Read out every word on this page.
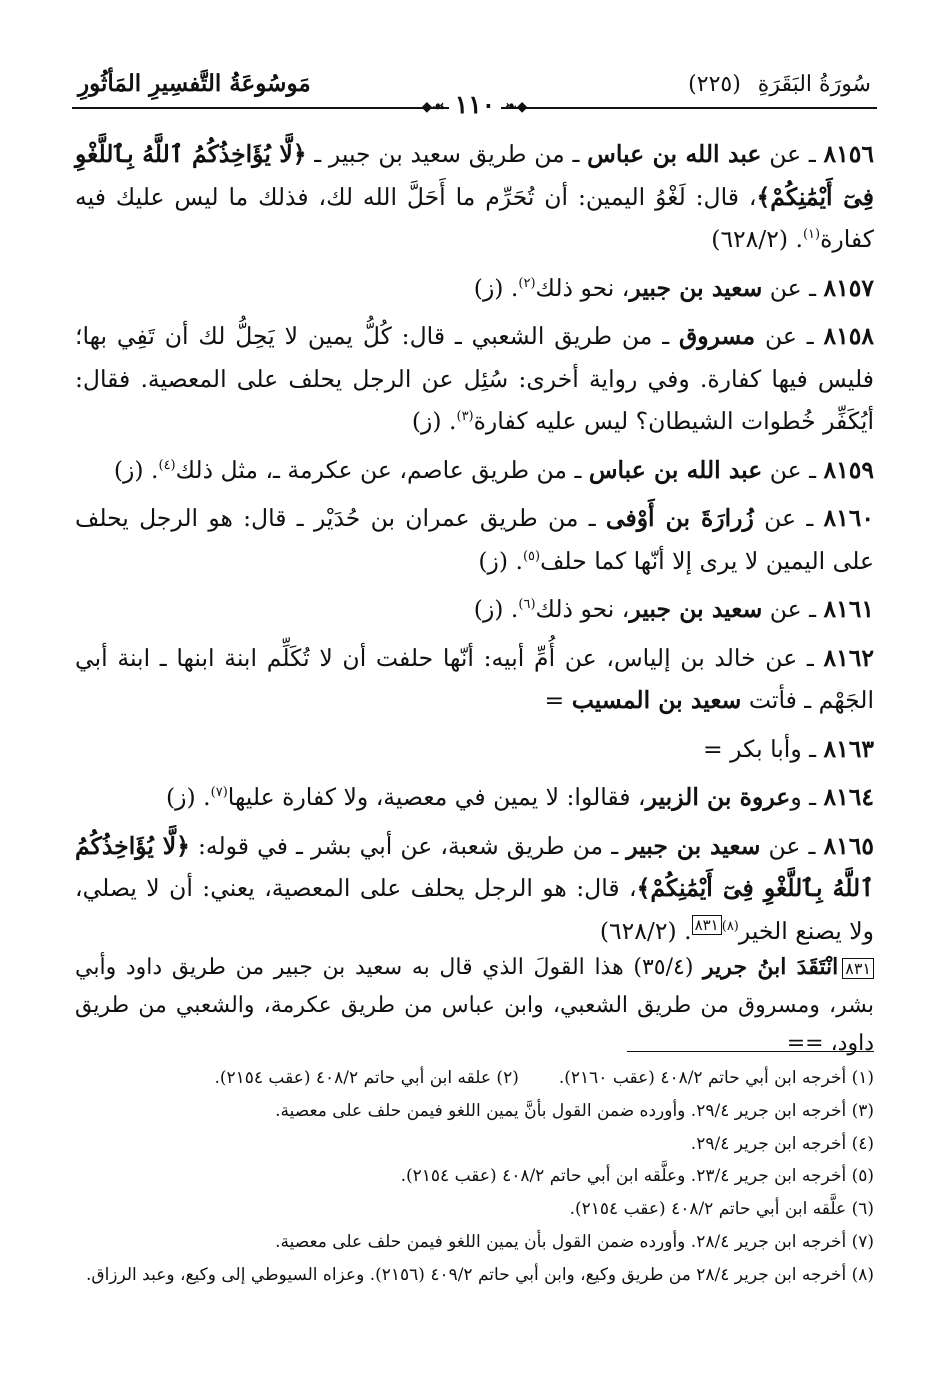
سُورَةُ البَقَرَةِ (٢٢٥)
مَوسُوعَةُ التَّفسِيرِ المَأثُورِ
◆❧١١٠☙◆

٨١٥٦ ـ عن عبد الله بن عباس ـ من طريق سعيد بن جبير ـ ﴿لَّا يُؤَاخِذُكُمُ ٱللَّهُ بِٱللَّغْوِ فِىٓ أَيْمَٰنِكُمْ﴾، قال: لَغْوُ اليمين: أن تُحَرِّم ما أَحَلَّ الله لك، فذلك ما ليس عليك فيه كفارة$^{(١)}$. (٦٢٨/٢)

٨١٥٧ ـ عن سعيد بن جبير، نحو ذلك$^{(٢)}$. (ز)

٨١٥٨ ـ عن مسروق ـ من طريق الشعبي ـ قال: كُلُّ يمين لا يَحِلُّ لك أن تَفِي بها؛ فليس فيها كفارة. وفي رواية أخرى: سُئِل عن الرجل يحلف على المعصية. فقال: أيُكَفِّر خُطوات الشيطان؟ ليس عليه كفارة$^{(٣)}$. (ز)

٨١٥٩ ـ عن عبد الله بن عباس ـ من طريق عاصم، عن عكرمة ـ، مثل ذلك$^{(٤)}$. (ز)

٨١٦٠ ـ عن زُرارَةَ بن أَوْفى ـ من طريق عمران بن حُدَيْر ـ قال: هو الرجل يحلف على اليمين لا يرى إلا أنّها كما حلف$^{(٥)}$. (ز)

٨١٦١ ـ عن سعيد بن جبير، نحو ذلك$^{(٦)}$. (ز)

٨١٦٢ ـ عن خالد بن إلياس، عن أُمِّ أبيه: أنّها حلفت أن لا تُكَلِّم ابنة ابنها ـ ابنة أبي الجَهْم ـ فأتت سعيد بن المسيب =

٨١٦٣ ـ وأبا بكر =

٨١٦٤ ـ وعروة بن الزبير، فقالوا: لا يمين في معصية، ولا كفارة عليها$^{(٧)}$. (ز)

٨١٦٥ ـ عن سعيد بن جبير ـ من طريق شعبة، عن أبي بشر ـ في قوله: ﴿لَّا يُؤَاخِذُكُمُ ٱللَّهُ بِٱللَّغْوِ فِىٓ أَيْمَٰنِكُمْ﴾، قال: هو الرجل يحلف على المعصية، يعني: أن لا يصلي، ولا يصنع الخير$^{(٨)٨٣١}$. (٦٢٨/٢)

٨٣١انْتَقَدَ ابنُ جرير (٣٥/٤) هذا القولَ الذي قال به سعيد بن جبير من طريق داود وأبي بشر، ومسروق من طريق الشعبي، وابن عباس من طريق عكرمة، والشعبي من طريق داود، ==

(١) أخرجه ابن أبي حاتم ٤٠٨/٢ (عقب ٢١٦٠).(٢) علقه ابن أبي حاتم ٤٠٨/٢ (عقب ٢١٥٤).

(٣) أخرجه ابن جرير ٢٩/٤. وأورده ضمن القول بأنَّ يمين اللغو فيمن حلف على معصية.

(٤) أخرجه ابن جرير ٢٩/٤.

(٥) أخرجه ابن جرير ٢٣/٤. وعلَّقه ابن أبي حاتم ٤٠٨/٢ (عقب ٢١٥٤).

(٦) علَّقه ابن أبي حاتم ٤٠٨/٢ (عقب ٢١٥٤).

(٧) أخرجه ابن جرير ٢٨/٤. وأورده ضمن القول بأن يمين اللغو فيمن حلف على معصية.

(٨) أخرجه ابن جرير ٢٨/٤ من طريق وكيع، وابن أبي حاتم ٤٠٩/٢ (٢١٥٦). وعزاه السيوطي إلى وكيع، وعبد الرزاق.
